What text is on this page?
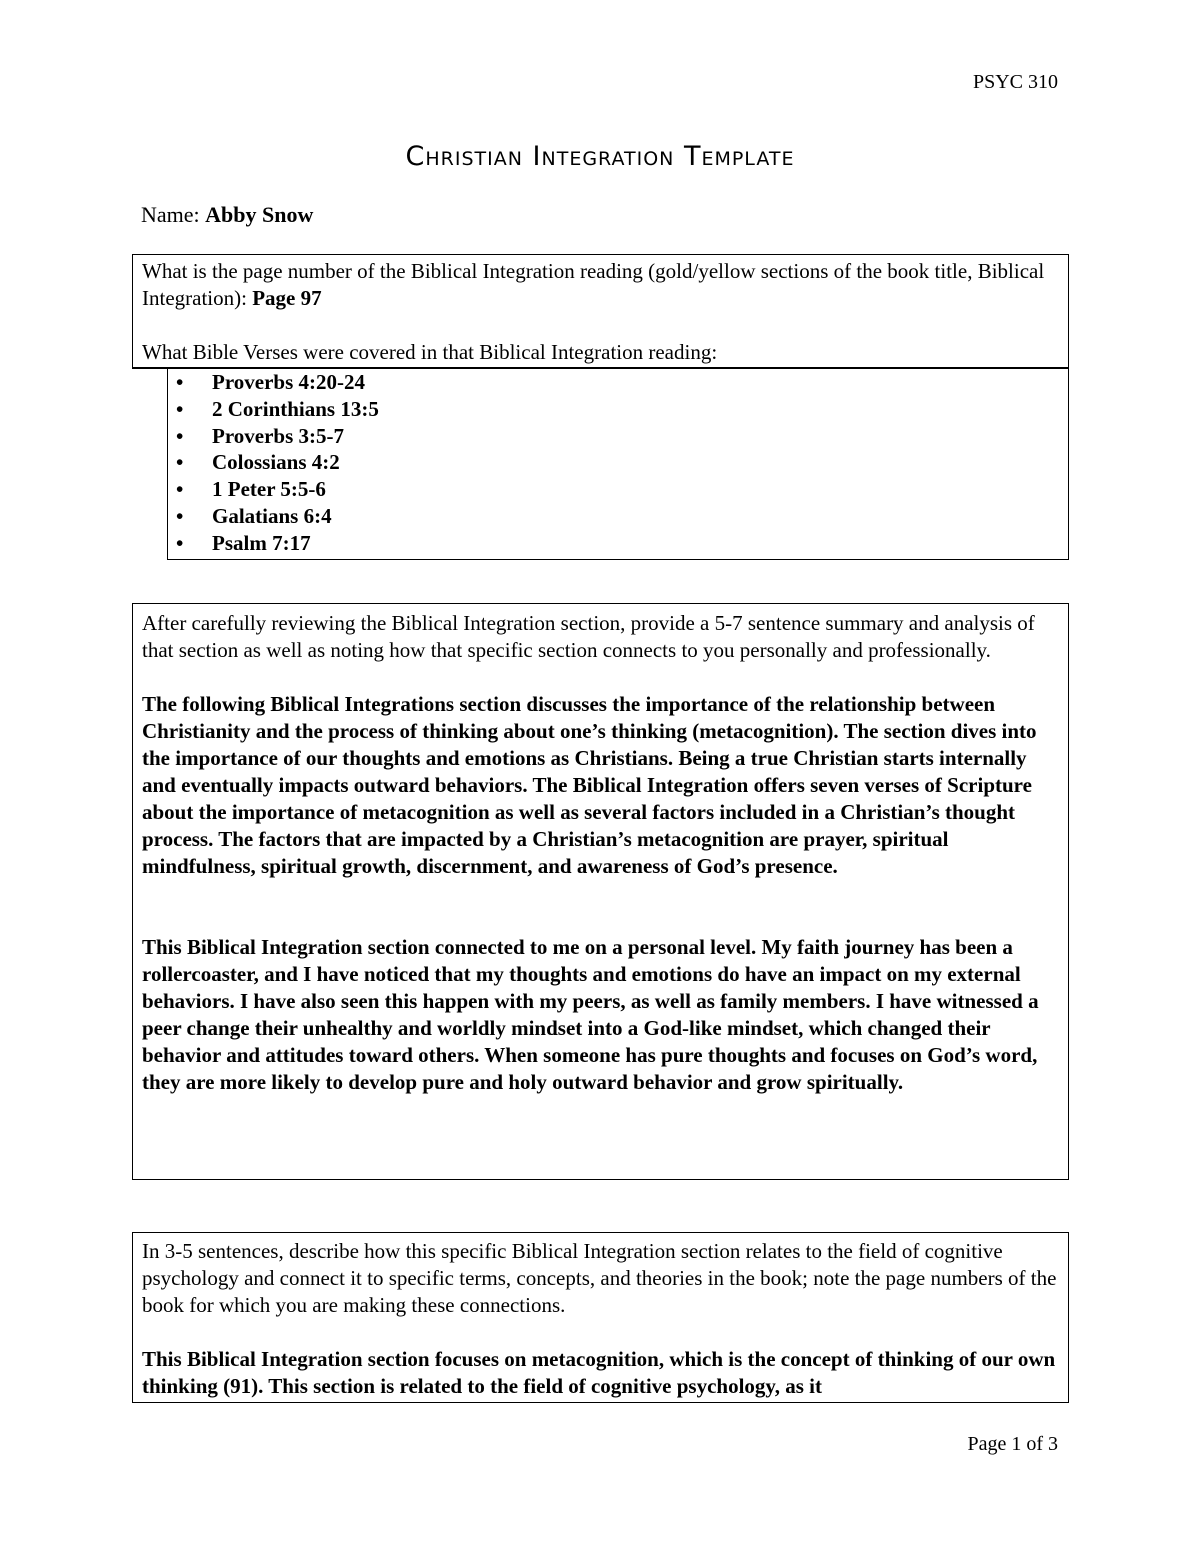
PSYC 310
Christian Integration Template
Name: Abby Snow

What is the page number of the Biblical Integration reading (gold/yellow sections of the book title, Biblical Integration): Page 97

What Bible Verses were covered in that Biblical Integration reading:

• Proverbs 4:20-24
• 2 Corinthians 13:5
• Proverbs 3:5-7
• Colossians 4:2
• 1 Peter 5:5-6
• Galatians 6:4
• Psalm 7:17

After carefully reviewing the Biblical Integration section, provide a 5-7 sentence summary and analysis of that section as well as noting how that specific section connects to you personally and professionally.

The following Biblical Integrations section discusses the importance of the relationship between Christianity and the process of thinking about one’s thinking (metacognition). The section dives into the importance of our thoughts and emotions as Christians. Being a true Christian starts internally and eventually impacts outward behaviors. The Biblical Integration offers seven verses of Scripture about the importance of metacognition as well as several factors included in a Christian’s thought process. The factors that are impacted by a Christian’s metacognition are prayer, spiritual mindfulness, spiritual growth, discernment, and awareness of God’s presence.

This Biblical Integration section connected to me on a personal level. My faith journey has been a rollercoaster, and I have noticed that my thoughts and emotions do have an impact on my external behaviors. I have also seen this happen with my peers, as well as family members. I have witnessed a peer change their unhealthy and worldly mindset into a God-like mindset, which changed their behavior and attitudes toward others. When someone has pure thoughts and focuses on God’s word, they are more likely to develop pure and holy outward behavior and grow spiritually.

In 3-5 sentences, describe how this specific Biblical Integration section relates to the field of cognitive psychology and connect it to specific terms, concepts, and theories in the book; note the page numbers of the book for which you are making these connections.

This Biblical Integration section focuses on metacognition, which is the concept of thinking of our own thinking (91). This section is related to the field of cognitive psychology, as it

Page 1 of 3
